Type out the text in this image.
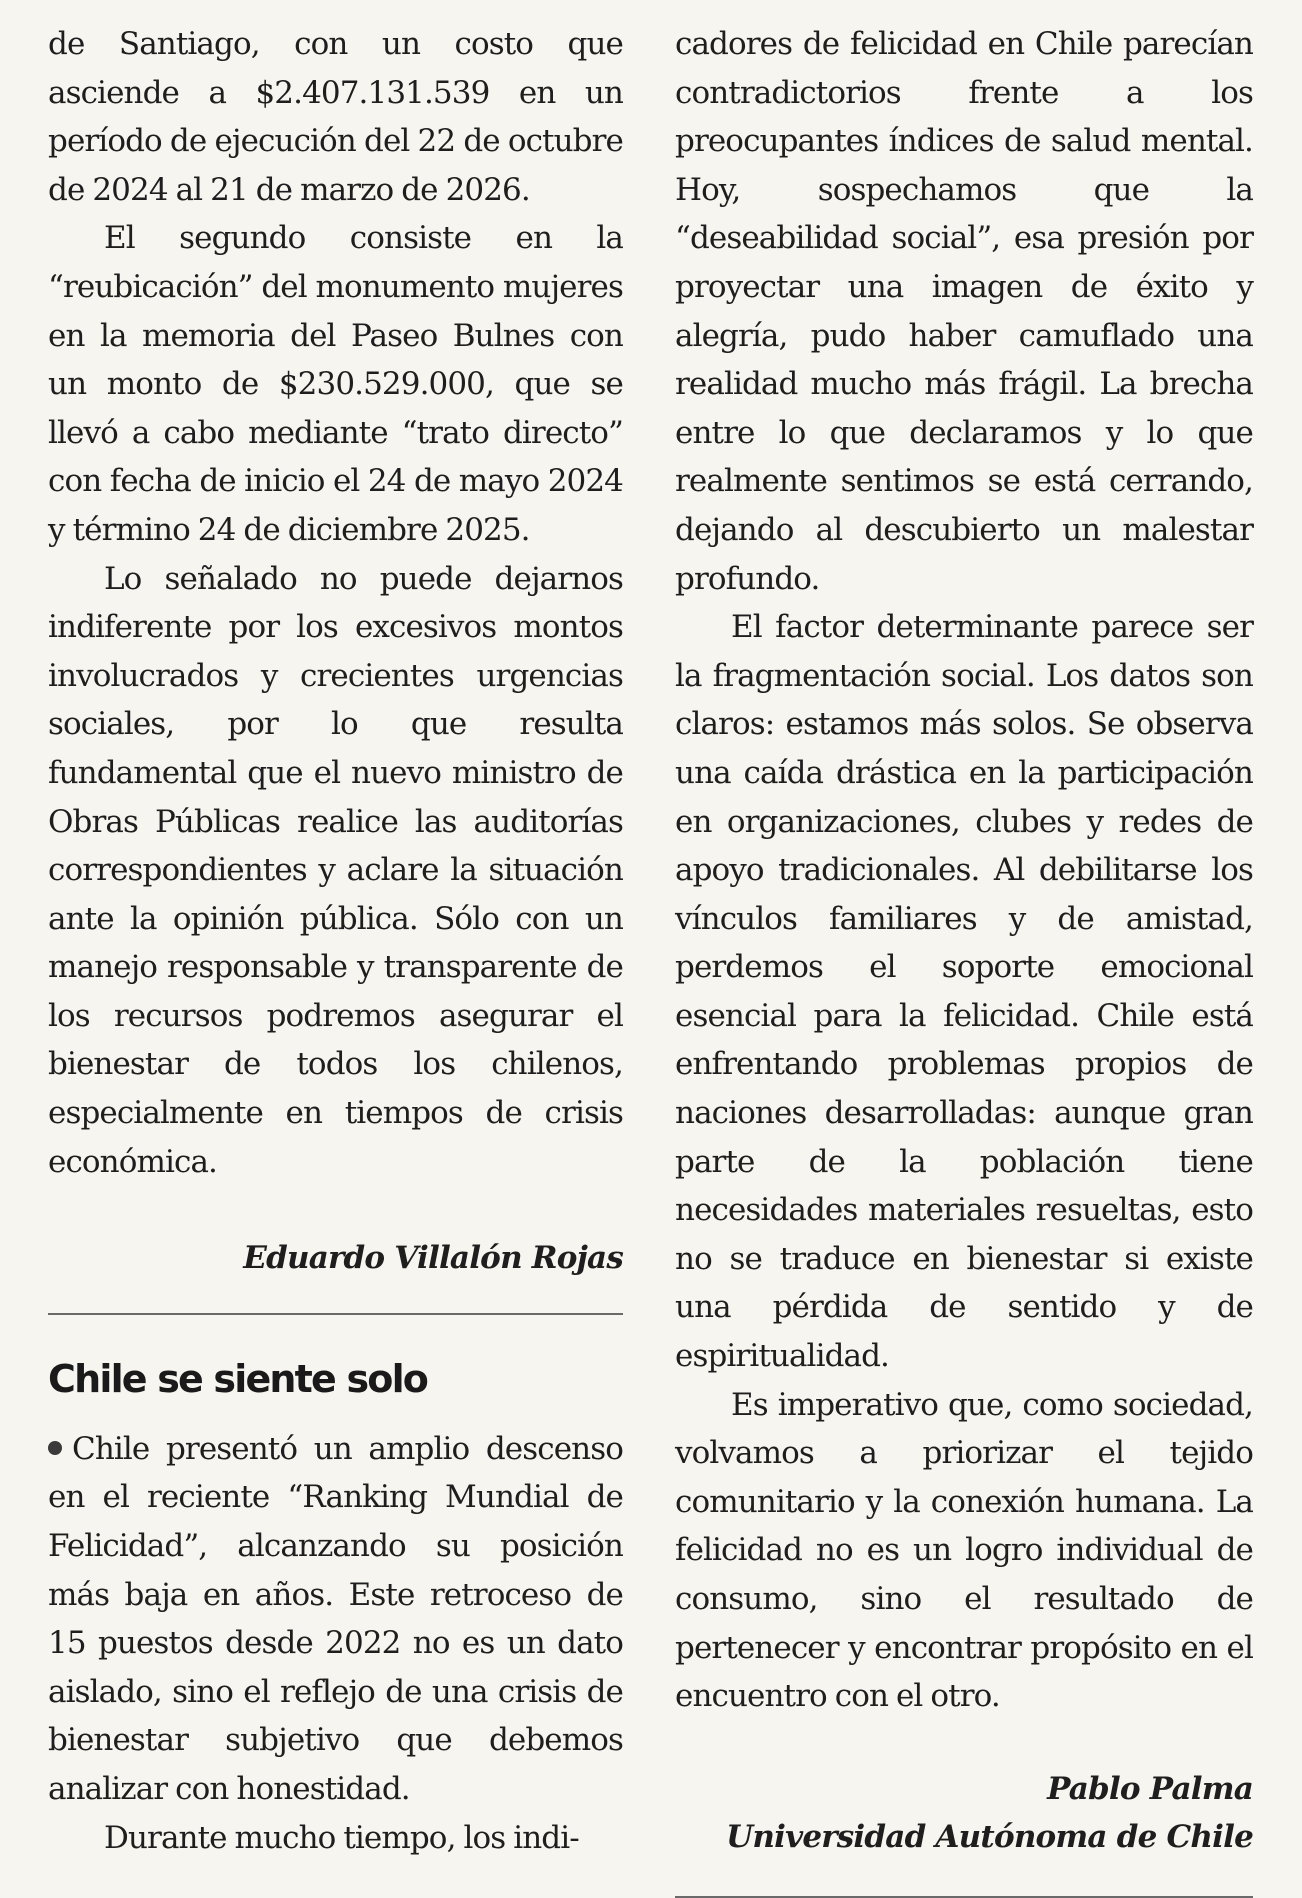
de Santiago, con un costo que asciende a $2.407.131.539 en un período de ejecución del 22 de octubre de 2024 al 21 de marzo de 2026.

El segundo consiste en la “reubicación” del monumento mujeres en la memoria del Paseo Bulnes con un monto de $230.529.000, que se llevó a cabo mediante “trato directo” con fecha de inicio el 24 de mayo 2024 y término 24 de diciembre 2025.

Lo señalado no puede dejarnos indiferente por los excesivos montos involucrados y crecientes urgencias sociales, por lo que resulta fundamental que el nuevo ministro de Obras Públicas realice las auditorías correspondientes y aclare la situación ante la opinión pública. Sólo con un manejo responsable y transparente de los recursos podremos asegurar el bienestar de todos los chilenos, especialmente en tiempos de crisis económica.

Eduardo Villalón Rojas
Chile se siente solo

Chile presentó un amplio descenso en el reciente “Ranking Mundial de Felicidad”, alcanzando su posición más baja en años. Este retroceso de 15 puestos desde 2022 no es un dato aislado, sino el reflejo de una crisis de bienestar subjetivo que debemos analizar con honestidad.

Durante mucho tiempo, los indi-

cadores de felicidad en Chile parecían contradictorios frente a los preocupantes índices de salud mental. Hoy, sospechamos que la “deseabilidad social”, esa presión por proyectar una imagen de éxito y alegría, pudo haber camuflado una realidad mucho más frágil. La brecha entre lo que declaramos y lo que realmente sentimos se está cerrando, dejando al descubierto un malestar profundo.

El factor determinante parece ser la fragmentación social. Los datos son claros: estamos más solos. Se observa una caída drástica en la participación en organizaciones, clubes y redes de apoyo tradicionales. Al debilitarse los vínculos familiares y de amistad, perdemos el soporte emocional esencial para la felicidad. Chile está enfrentando problemas propios de naciones desarrolladas: aunque gran parte de la población tiene necesidades materiales resueltas, esto no se traduce en bienestar si existe una pérdida de sentido y de espiritualidad.

Es imperativo que, como sociedad, volvamos a priorizar el tejido comunitario y la conexión humana. La felicidad no es un logro individual de consumo, sino el resultado de pertenecer y encontrar propósito en el encuentro con el otro.

Pablo Palma
Universidad Autónoma de Chile
